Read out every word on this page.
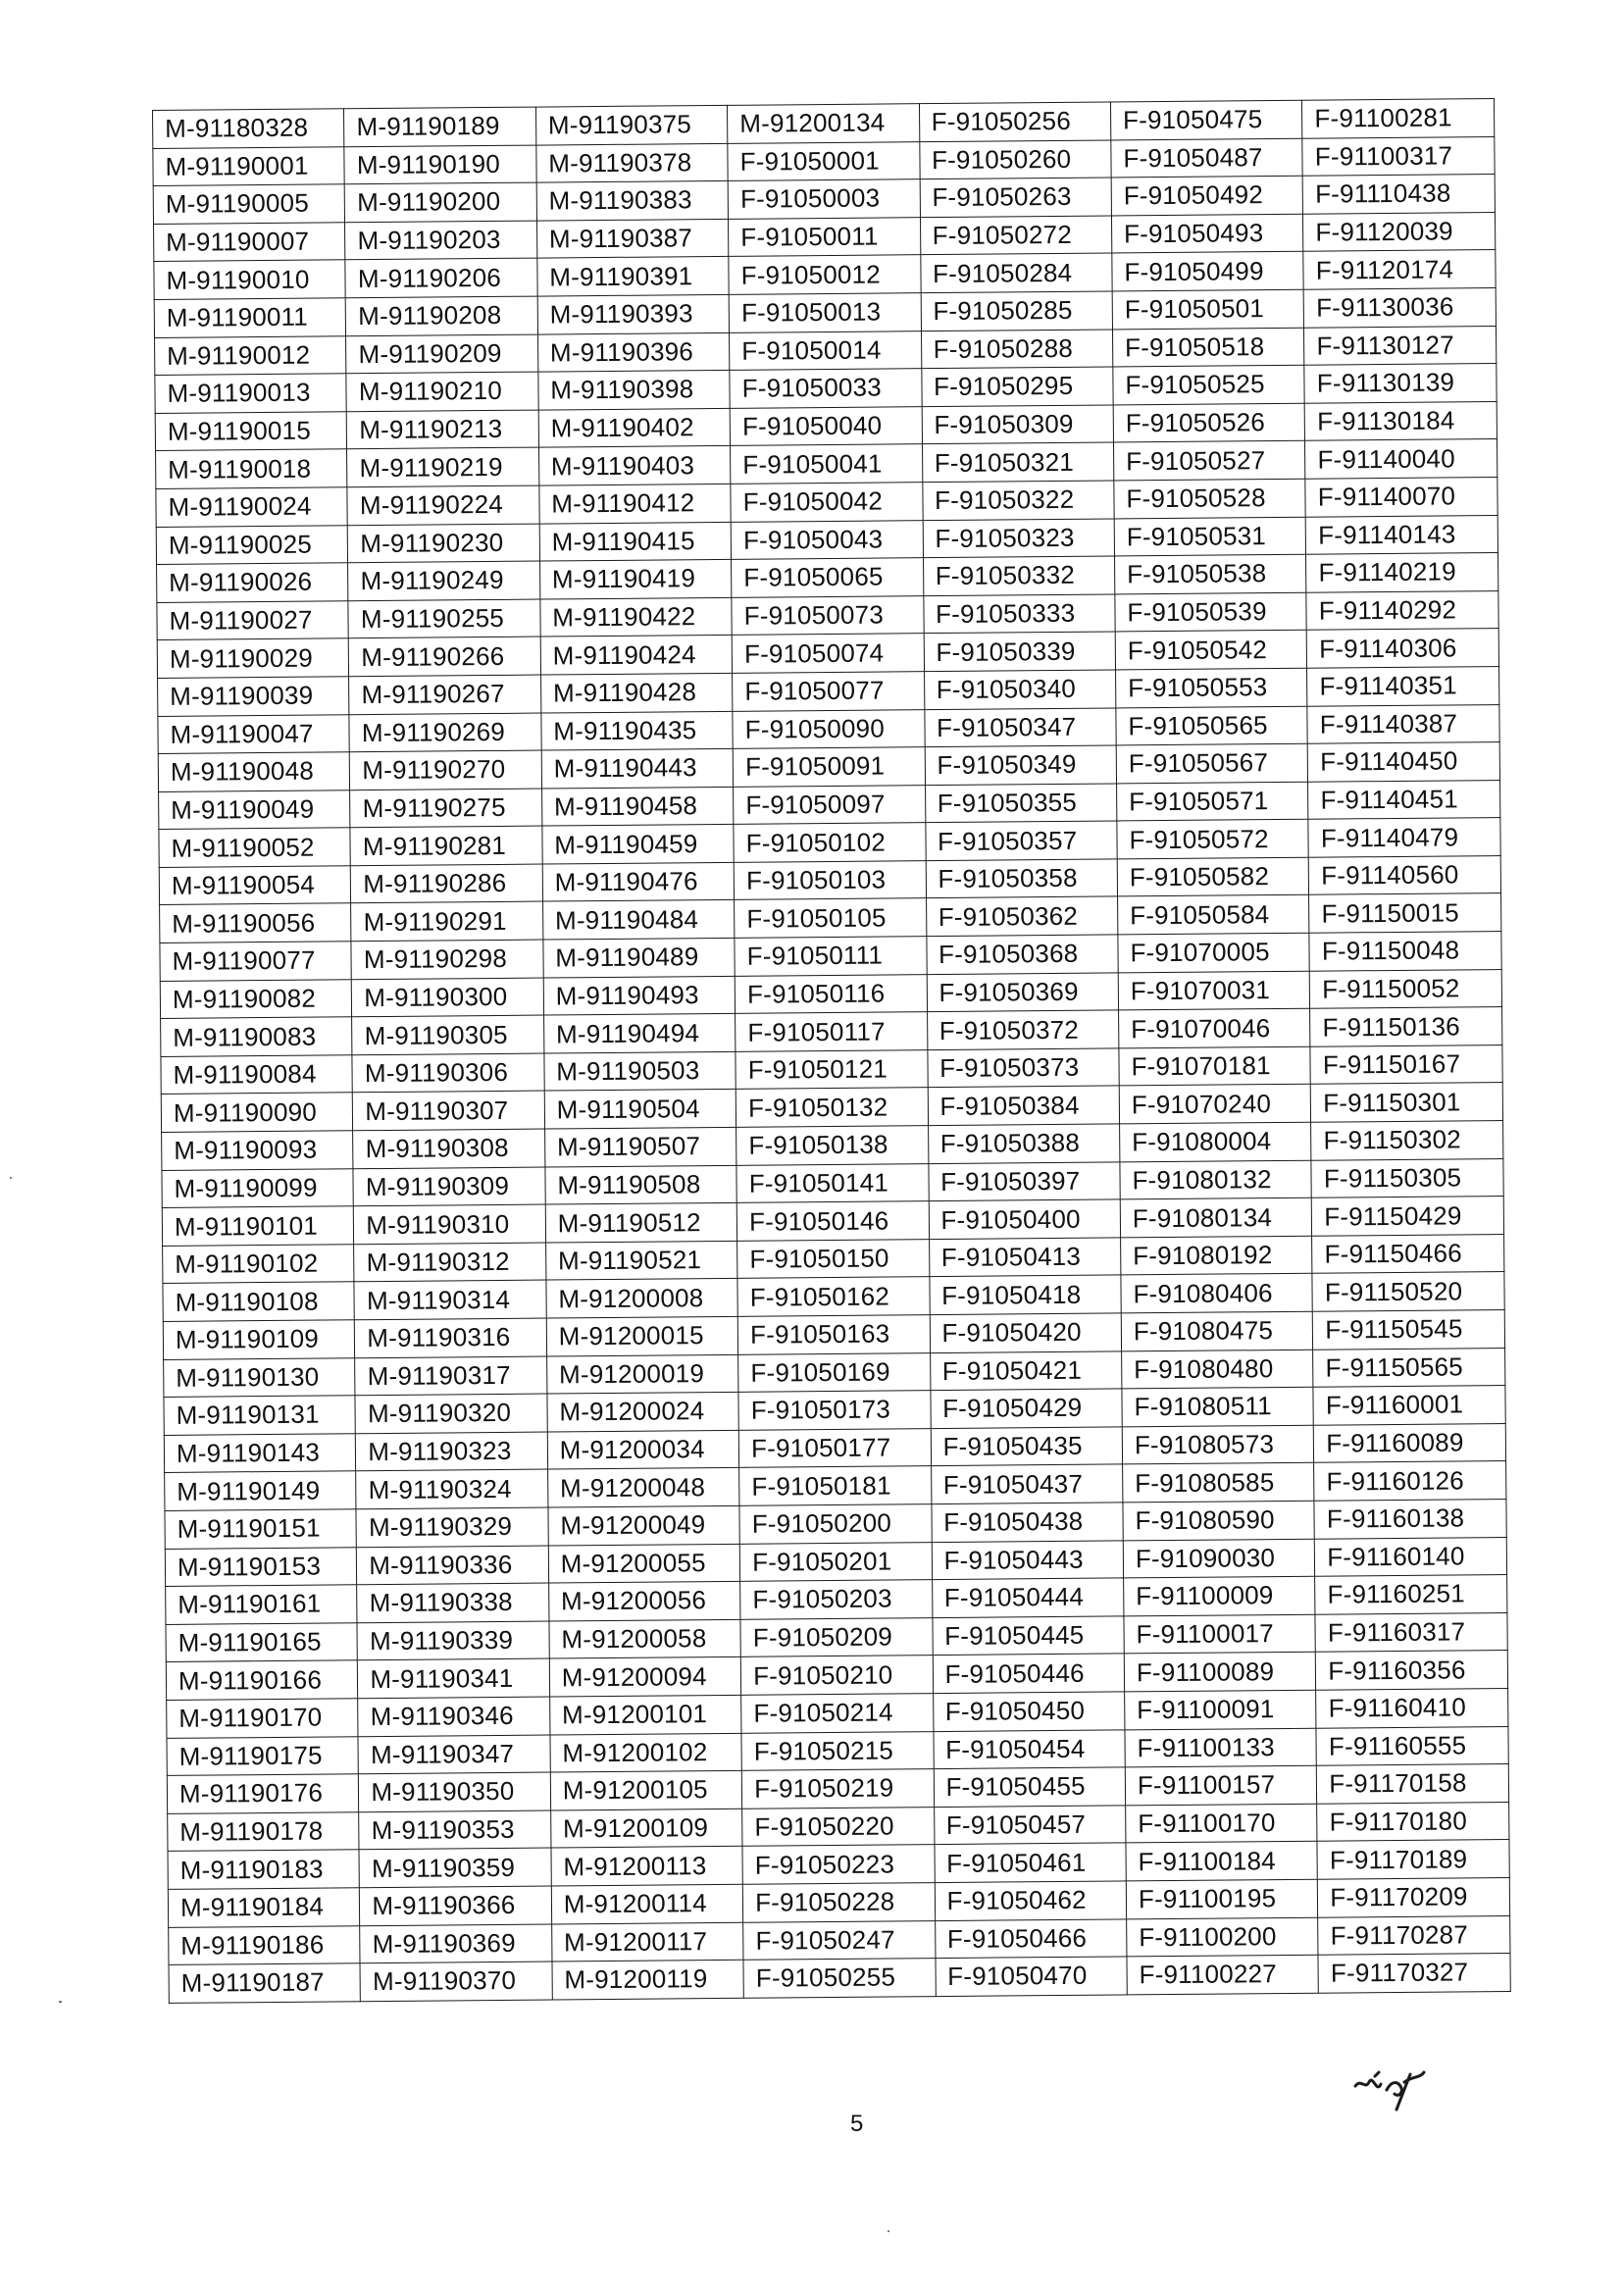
M-91180328	M-91190189	M-91190375	M-91200134	F-91050256	F-91050475	F-91100281
M-91190001	M-91190190	M-91190378	F-91050001	F-91050260	F-91050487	F-91100317
M-91190005	M-91190200	M-91190383	F-91050003	F-91050263	F-91050492	F-91110438
M-91190007	M-91190203	M-91190387	F-91050011	F-91050272	F-91050493	F-91120039
M-91190010	M-91190206	M-91190391	F-91050012	F-91050284	F-91050499	F-91120174
M-91190011	M-91190208	M-91190393	F-91050013	F-91050285	F-91050501	F-91130036
M-91190012	M-91190209	M-91190396	F-91050014	F-91050288	F-91050518	F-91130127
M-91190013	M-91190210	M-91190398	F-91050033	F-91050295	F-91050525	F-91130139
M-91190015	M-91190213	M-91190402	F-91050040	F-91050309	F-91050526	F-91130184
M-91190018	M-91190219	M-91190403	F-91050041	F-91050321	F-91050527	F-91140040
M-91190024	M-91190224	M-91190412	F-91050042	F-91050322	F-91050528	F-91140070
M-91190025	M-91190230	M-91190415	F-91050043	F-91050323	F-91050531	F-91140143
M-91190026	M-91190249	M-91190419	F-91050065	F-91050332	F-91050538	F-91140219
M-91190027	M-91190255	M-91190422	F-91050073	F-91050333	F-91050539	F-91140292
M-91190029	M-91190266	M-91190424	F-91050074	F-91050339	F-91050542	F-91140306
M-91190039	M-91190267	M-91190428	F-91050077	F-91050340	F-91050553	F-91140351
M-91190047	M-91190269	M-91190435	F-91050090	F-91050347	F-91050565	F-91140387
M-91190048	M-91190270	M-91190443	F-91050091	F-91050349	F-91050567	F-91140450
M-91190049	M-91190275	M-91190458	F-91050097	F-91050355	F-91050571	F-91140451
M-91190052	M-91190281	M-91190459	F-91050102	F-91050357	F-91050572	F-91140479
M-91190054	M-91190286	M-91190476	F-91050103	F-91050358	F-91050582	F-91140560
M-91190056	M-91190291	M-91190484	F-91050105	F-91050362	F-91050584	F-91150015
M-91190077	M-91190298	M-91190489	F-91050111	F-91050368	F-91070005	F-91150048
M-91190082	M-91190300	M-91190493	F-91050116	F-91050369	F-91070031	F-91150052
M-91190083	M-91190305	M-91190494	F-91050117	F-91050372	F-91070046	F-91150136
M-91190084	M-91190306	M-91190503	F-91050121	F-91050373	F-91070181	F-91150167
M-91190090	M-91190307	M-91190504	F-91050132	F-91050384	F-91070240	F-91150301
M-91190093	M-91190308	M-91190507	F-91050138	F-91050388	F-91080004	F-91150302
M-91190099	M-91190309	M-91190508	F-91050141	F-91050397	F-91080132	F-91150305
M-91190101	M-91190310	M-91190512	F-91050146	F-91050400	F-91080134	F-91150429
M-91190102	M-91190312	M-91190521	F-91050150	F-91050413	F-91080192	F-91150466
M-91190108	M-91190314	M-91200008	F-91050162	F-91050418	F-91080406	F-91150520
M-91190109	M-91190316	M-91200015	F-91050163	F-91050420	F-91080475	F-91150545
M-91190130	M-91190317	M-91200019	F-91050169	F-91050421	F-91080480	F-91150565
M-91190131	M-91190320	M-91200024	F-91050173	F-91050429	F-91080511	F-91160001
M-91190143	M-91190323	M-91200034	F-91050177	F-91050435	F-91080573	F-91160089
M-91190149	M-91190324	M-91200048	F-91050181	F-91050437	F-91080585	F-91160126
M-91190151	M-91190329	M-91200049	F-91050200	F-91050438	F-91080590	F-91160138
M-91190153	M-91190336	M-91200055	F-91050201	F-91050443	F-91090030	F-91160140
M-91190161	M-91190338	M-91200056	F-91050203	F-91050444	F-91100009	F-91160251
M-91190165	M-91190339	M-91200058	F-91050209	F-91050445	F-91100017	F-91160317
M-91190166	M-91190341	M-91200094	F-91050210	F-91050446	F-91100089	F-91160356
M-91190170	M-91190346	M-91200101	F-91050214	F-91050450	F-91100091	F-91160410
M-91190175	M-91190347	M-91200102	F-91050215	F-91050454	F-91100133	F-91160555
M-91190176	M-91190350	M-91200105	F-91050219	F-91050455	F-91100157	F-91170158
M-91190178	M-91190353	M-91200109	F-91050220	F-91050457	F-91100170	F-91170180
M-91190183	M-91190359	M-91200113	F-91050223	F-91050461	F-91100184	F-91170189
M-91190184	M-91190366	M-91200114	F-91050228	F-91050462	F-91100195	F-91170209
M-91190186	M-91190369	M-91200117	F-91050247	F-91050466	F-91100200	F-91170287
M-91190187	M-91190370	M-91200119	F-91050255	F-91050470	F-91100227	F-91170327
5
